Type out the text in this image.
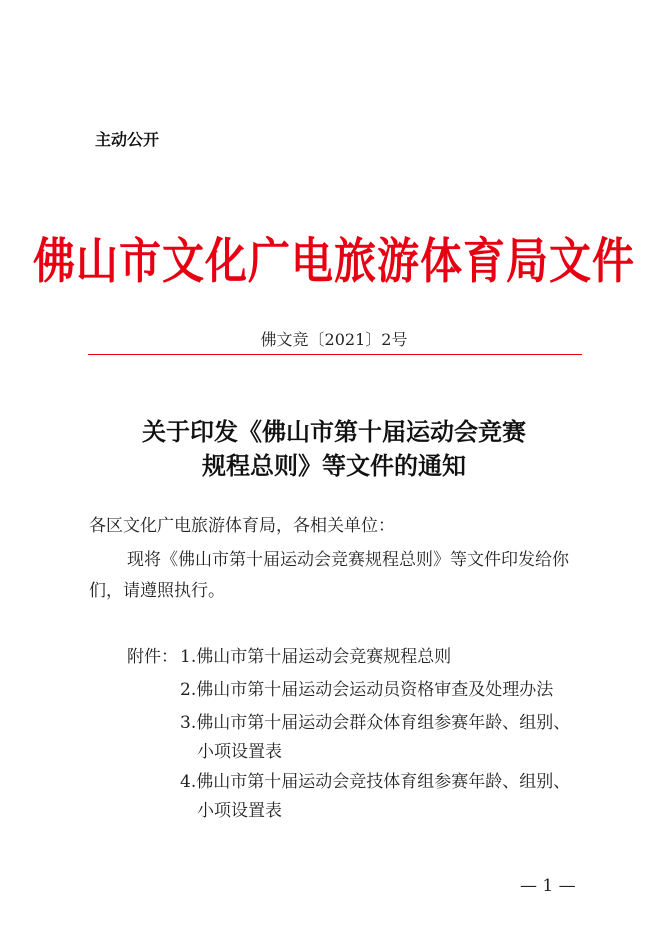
主动公开
佛山市文化广电旅游体育局文件
佛文竞〔2021〕2号
关于印发《佛山市第十届运动会竞赛
规程总则》等文件的通知
各区文化广电旅游体育局，各相关单位：
现将《佛山市第十届运动会竞赛规程总则》等文件印发给你
们，请遵照执行。
附件： 1.佛山市第十届运动会竞赛规程总则
2.佛山市第十届运动会运动员资格审查及处理办法
3.佛山市第十届运动会群众体育组参赛年龄、组别、
小项设置表
4.佛山市第十届运动会竞技体育组参赛年龄、组别、
小项设置表
— 1 —
